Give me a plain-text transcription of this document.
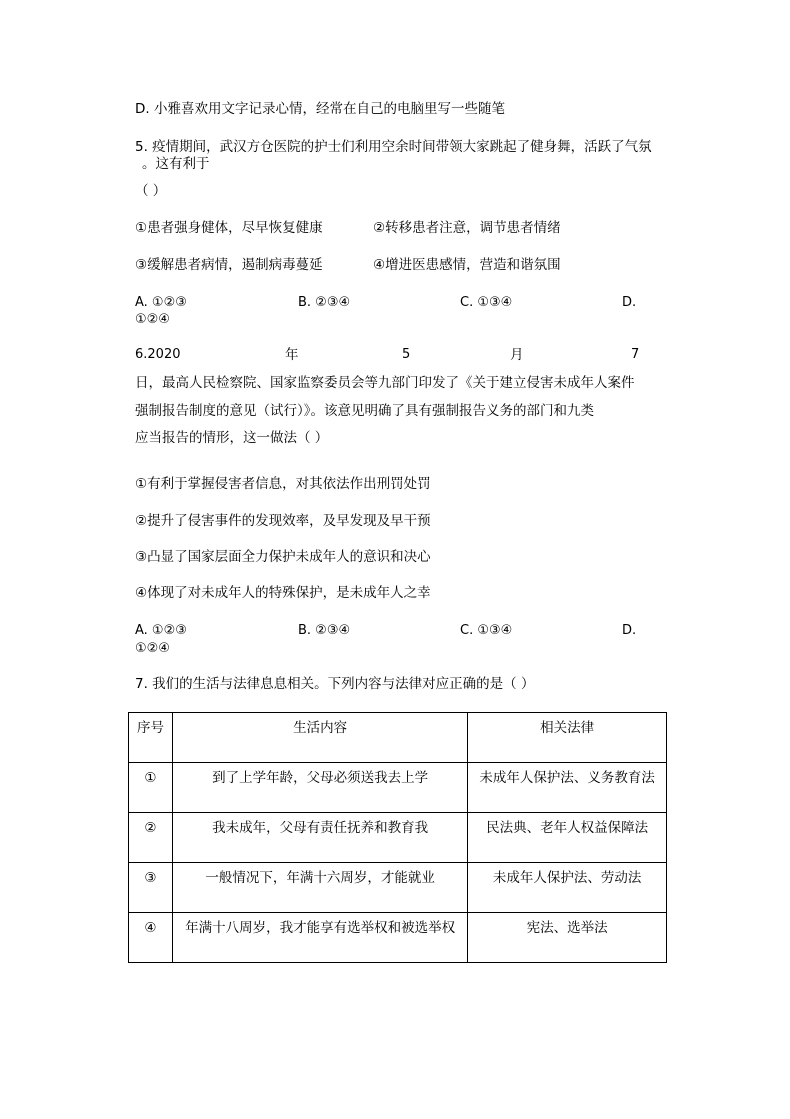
D. 小雅喜欢用文字记录心情，经常在自己的电脑里写一些随笔
5. 疫情期间，武汉方仓医院的护士们利用空余时间带领大家跳起了健身舞，活跃了气氛
。这有利于
（ ）
①患者强身健体，尽早恢复健康	②转移患者注意，调节患者情绪
③缓解患者病情，遏制病毒蔓延	④增进医患感情，营造和谐氛围
A. ①②③	B. ②③④	C. ①③④	D.
①②④
6.2020	年	5	月	7
日，最高人民检察院、国家监察委员会等九部门印发了《关于建立侵害未成年人案件
强制报告制度的意见（试行）》。该意见明确了具有强制报告义务的部门和九类
应当报告的情形，这一做法（ ）
①有利于掌握侵害者信息，对其依法作出刑罚处罚
②提升了侵害事件的发现效率，及早发现及早干预
③凸显了国家层面全力保护未成年人的意识和决心
④体现了对未成年人的特殊保护，是未成年人之幸
A. ①②③	B. ②③④	C. ①③④	D.
①②④
7. 我们的生活与法律息息相关。下列内容与法律对应正确的是（ ）
序号	生活内容	相关法律
①	到了上学年龄，父母必须送我去上学	未成年人保护法、义务教育法
②	我未成年，父母有责任抚养和教育我	民法典、老年人权益保障法
③	一般情况下，年满十六周岁，才能就业	未成年人保护法、劳动法
④	年满十八周岁，我才能享有选举权和被选举权	宪法、选举法
